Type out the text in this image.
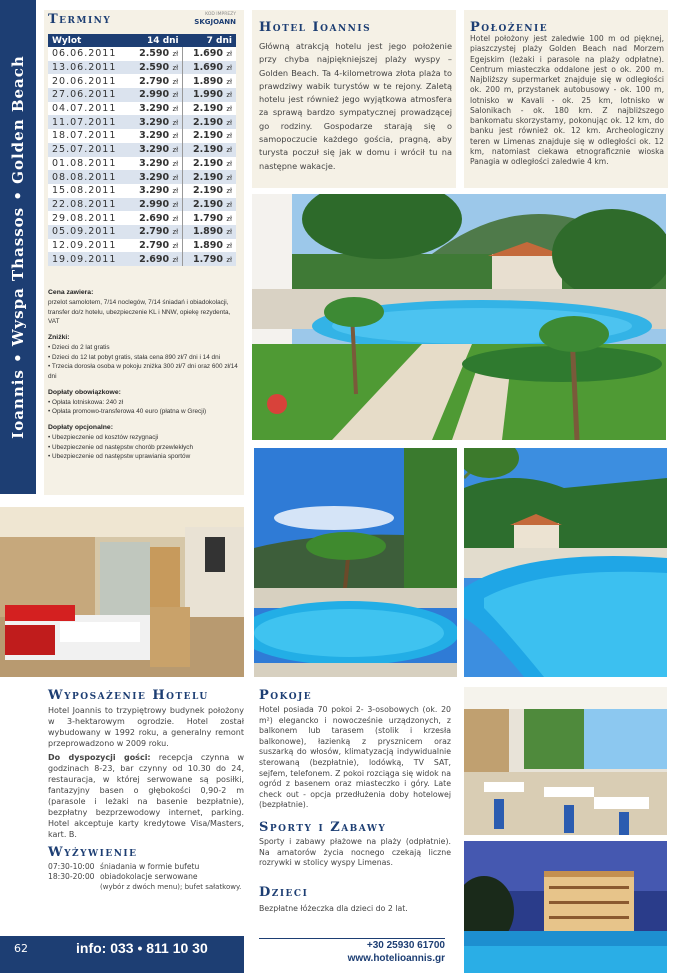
Ioannis • Wyspa Thassos • Golden Beach
Terminy	KOD IMPREZY
SKGJOANN
Wylot	14 dni	7 dni
06.06.2011	2.590 zł	1.690 zł
13.06.2011	2.590 zł	1.690 zł
20.06.2011	2.790 zł	1.890 zł
27.06.2011	2.990 zł	1.990 zł
04.07.2011	3.290 zł	2.190 zł
11.07.2011	3.290 zł	2.190 zł
18.07.2011	3.290 zł	2.190 zł
25.07.2011	3.290 zł	2.190 zł
01.08.2011	3.290 zł	2.190 zł
08.08.2011	3.290 zł	2.190 zł
15.08.2011	3.290 zł	2.190 zł
22.08.2011	2.990 zł	2.190 zł
29.08.2011	2.690 zł	1.790 zł
05.09.2011	2.790 zł	1.890 zł
12.09.2011	2.790 zł	1.890 zł
19.09.2011	2.690 zł	1.790 zł
Cena zawiera:
przelot samolotem, 7/14 noclegów, 7/14 śniadań i obiadokolacji, transfer do/z hotelu, ubezpieczenie KL i NNW, opiekę rezydenta, VAT
Zniżki:
• Dzieci do 2 lat gratis
• Dzieci do 12 lat pobyt gratis, stała cena 890 zł/7 dni i 14 dni
• Trzecia dorosła osoba w pokoju zniżka 300 zł/7 dni oraz 600 zł/14 dni
Dopłaty obowiązkowe:
• Opłata lotniskowa: 240 zł
• Opłata promowo-transferowa 40 euro (płatna w Grecji)
Dopłaty opcjonalne:
• Ubezpieczenie od kosztów rezygnacji
• Ubezpieczenie od następstw chorób przewlekłych
• Ubezpieczenie od następstw uprawiania sportów
Hotel Ioannis
Główną atrakcją hotelu jest jego położenie przy chyba najpiękniejszej plaży wyspy – Golden Beach. Ta 4-kilometrowa złota plaża to prawdziwy wabik turystów w te rejony. Zaletą hotelu jest również jego wyjątkowa atmosfera za sprawą bardzo sympatycznej prowadzącej go rodziny. Gospodarze starają się o samopoczucie każdego gościa, pragną, aby turysta poczuł się jak w domu i wrócił tu na następne wakacje.
Położenie
Hotel położony jest zaledwie 100 m od pięknej, piaszczystej plaży Golden Beach nad Morzem Egejskim (leżaki i parasole na plaży odpłatne). Centrum miasteczka oddalone jest o ok. 200 m. Najbliższy supermarket znajduje się w odległości ok. 200 m, przystanek autobusowy - ok. 100 m, lotnisko w Kavali - ok. 25 km, lotnisko w Salonikach - ok. 180 km. Z najbliższego bankomatu skorzystamy, pokonując ok. 12 km, do banku jest również ok. 12 km. Archeologiczny teren w Limenas znajduje się w odległości ok. 12 km, natomiast ciekawa etnograficznie wioska Panagia w odległości zaledwie 4 km.
Wyposażenie Hotelu

Hotel Joannis to trzypiętrowy budynek położony w 3-hektarowym ogrodzie. Hotel został wybudowany w 1992 roku, a generalny remont przeprowadzono w 2009 roku.

Do dyspozycji gości: recepcja czynna w godzinach 8-23, bar czynny od 10.30 do 24, restauracja, w której serwowane są posiłki, fantazyjny basen o głębokości 0,90-2 m (parasole i leżaki na basenie bezpłatnie), bezpłatny bezprzewodowy internet, parking. Hotel akceptuje karty kredytowe Visa/Masters, kart. B.

Wyżywienie
07:30-10:00 śniadania w formie bufetu
18:30-20:00 obiadokolacje serwowane
(wybór z dwóch menu); bufet sałatkowy.
Pokoje
Hotel posiada 70 pokoi 2- 3-osobowych (ok. 20 m²) elegancko i nowocześnie urządzonych, z balkonem lub tarasem (stolik i krzesła balkonowe), łazienką z prysznicem oraz suszarką do włosów, klimatyzacją indywidualnie sterowaną (bezpłatnie), lodówką, TV SAT, sejfem, telefonem. Z pokoi rozciąga się widok na ogród z basenem oraz miasteczko i góry. Late check out - opcja przedłużenia doby hotelowej (bezpłatnie).
Sporty i Zabawy
Sporty i zabawy płażowe na plaży (odpłatnie). Na amatorów życia nocnego czekają liczne rozrywki w stolicy wyspy Limenas.
Dzieci
Bezpłatne łóżeczka dla dzieci do 2 lat.
62	info: 033 • 811 10 30	+30 25930 61700
www.hotelioannis.gr
